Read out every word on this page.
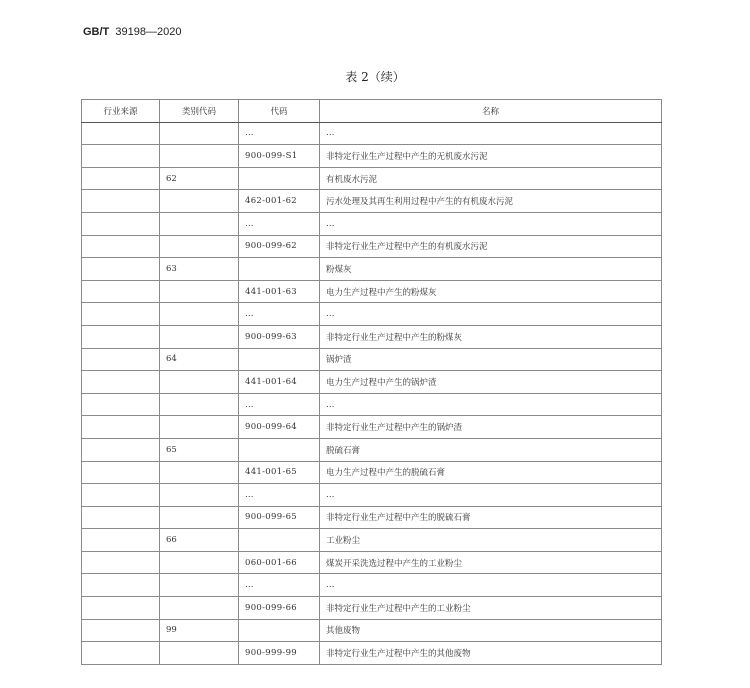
GB/T 39198—2020
表 2（续）
行业来源	类别代码	代码	名称
		…	…
		900-099-S1	非特定行业生产过程中产生的无机废水污泥
	62		有机废水污泥
		462-001-62	污水处理及其再生利用过程中产生的有机废水污泥
		…	…
		900-099-62	非特定行业生产过程中产生的有机废水污泥
	63		粉煤灰
		441-001-63	电力生产过程中产生的粉煤灰
		…	…
		900-099-63	非特定行业生产过程中产生的粉煤灰
	64		锅炉渣
		441-001-64	电力生产过程中产生的锅炉渣
		…	…
		900-099-64	非特定行业生产过程中产生的锅炉渣
	65		脱硫石膏
		441-001-65	电力生产过程中产生的脱硫石膏
		…	…
		900-099-65	非特定行业生产过程中产生的脱硫石膏
	66		工业粉尘
		060-001-66	煤炭开采洗选过程中产生的工业粉尘
		…	…
		900-099-66	非特定行业生产过程中产生的工业粉尘
	99		其他废物
		900-999-99	非特定行业生产过程中产生的其他废物
